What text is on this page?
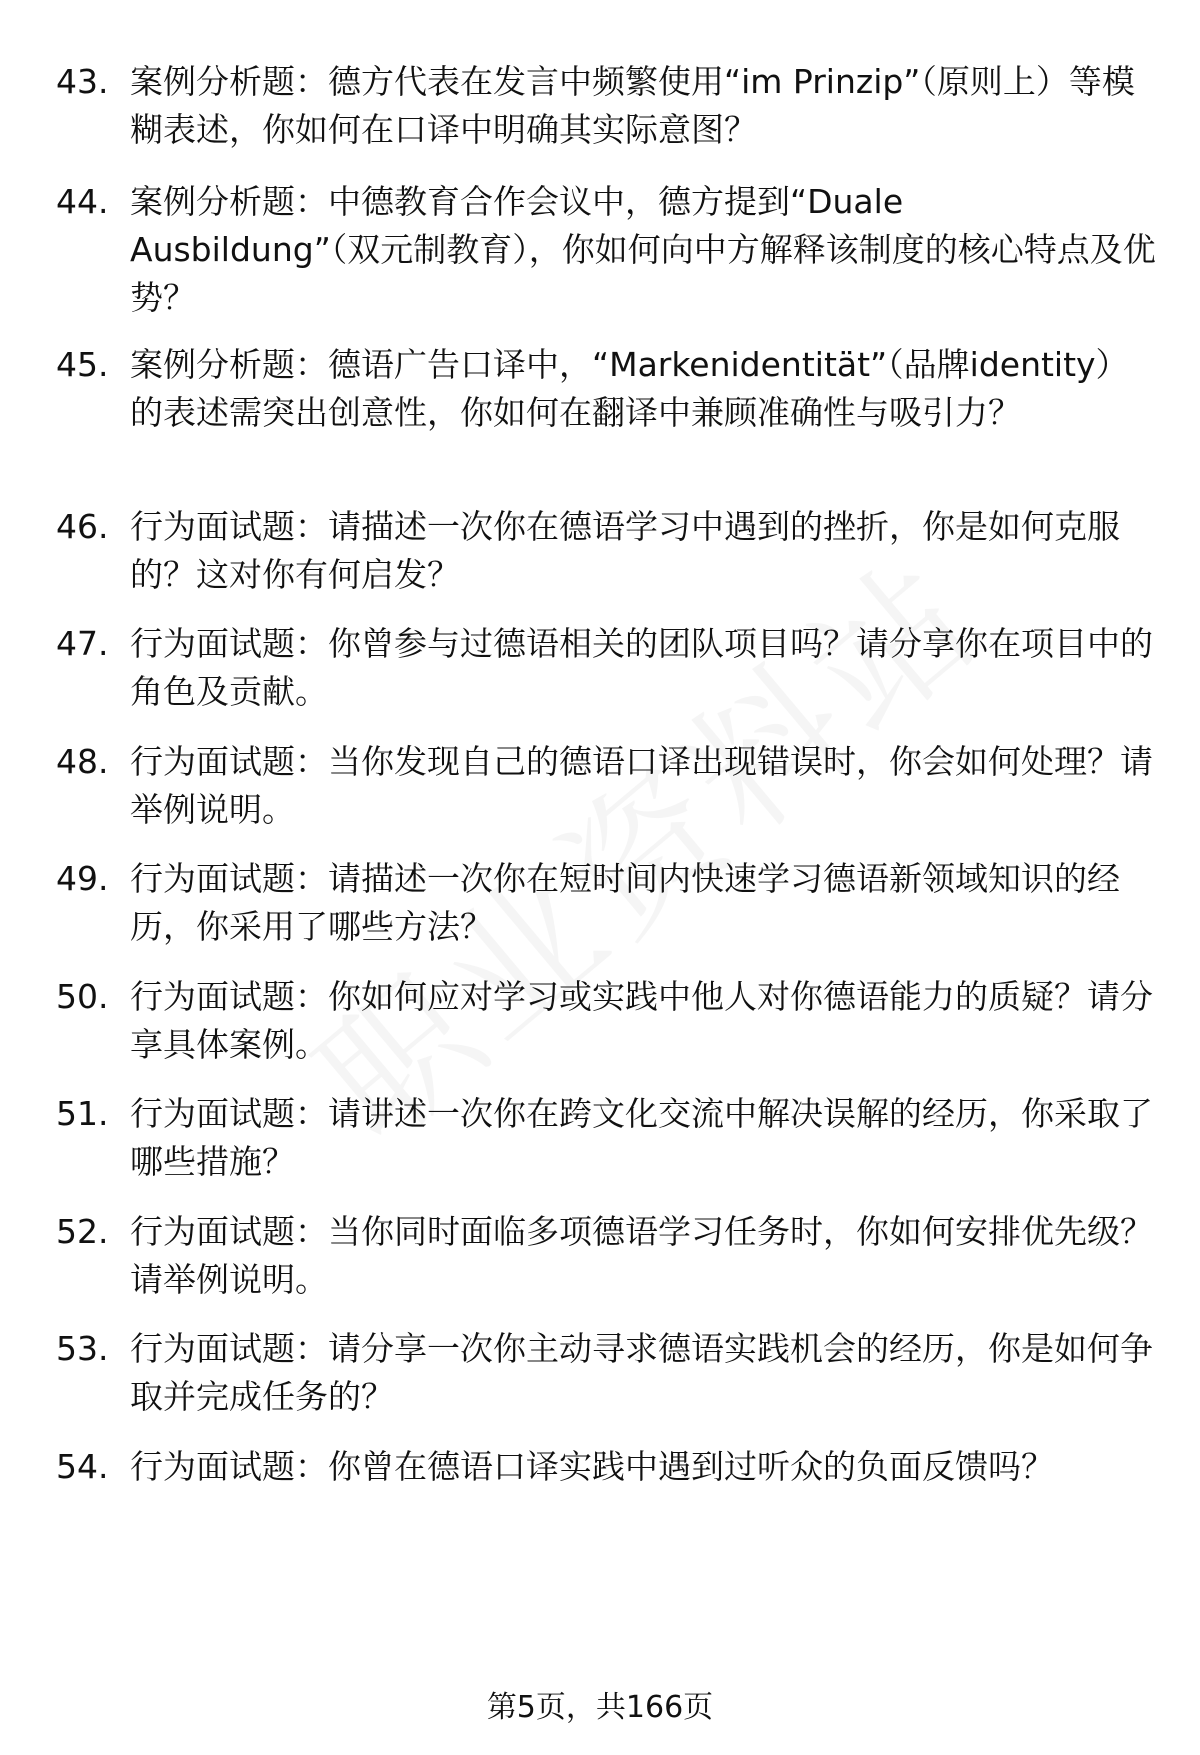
43. 案例分析题：德方代表在发言中频繁使用“im Prinzip”（原则上）等模糊表述，你如何在口译中明确其实际意图？

44. 案例分析题：中德教育合作会议中，德方提到“Duale Ausbildung”（双元制教育），你如何向中方解释该制度的核心特点及优势？

45. 案例分析题：德语广告口译中，“Markenidentität”（品牌identity）的表述需突出创意性，你如何在翻译中兼顾准确性与吸引力？

46. 行为面试题：请描述一次你在德语学习中遇到的挫折，你是如何克服的？这对你有何启发？

47. 行为面试题：你曾参与过德语相关的团队项目吗？请分享你在项目中的角色及贡献。

48. 行为面试题：当你发现自己的德语口译出现错误时，你会如何处理？请举例说明。

49. 行为面试题：请描述一次你在短时间内快速学习德语新领域知识的经历，你采用了哪些方法？

50. 行为面试题：你如何应对学习或实践中他人对你德语能力的质疑？请分享具体案例。

51. 行为面试题：请讲述一次你在跨文化交流中解决误解的经历，你采取了哪些措施？

52. 行为面试题：当你同时面临多项德语学习任务时，你如何安排优先级？请举例说明。

53. 行为面试题：请分享一次你主动寻求德语实践机会的经历，你是如何争取并完成任务的？

54. 行为面试题：你曾在德语口译实践中遇到过听众的负面反馈吗？

第5页，共166页
